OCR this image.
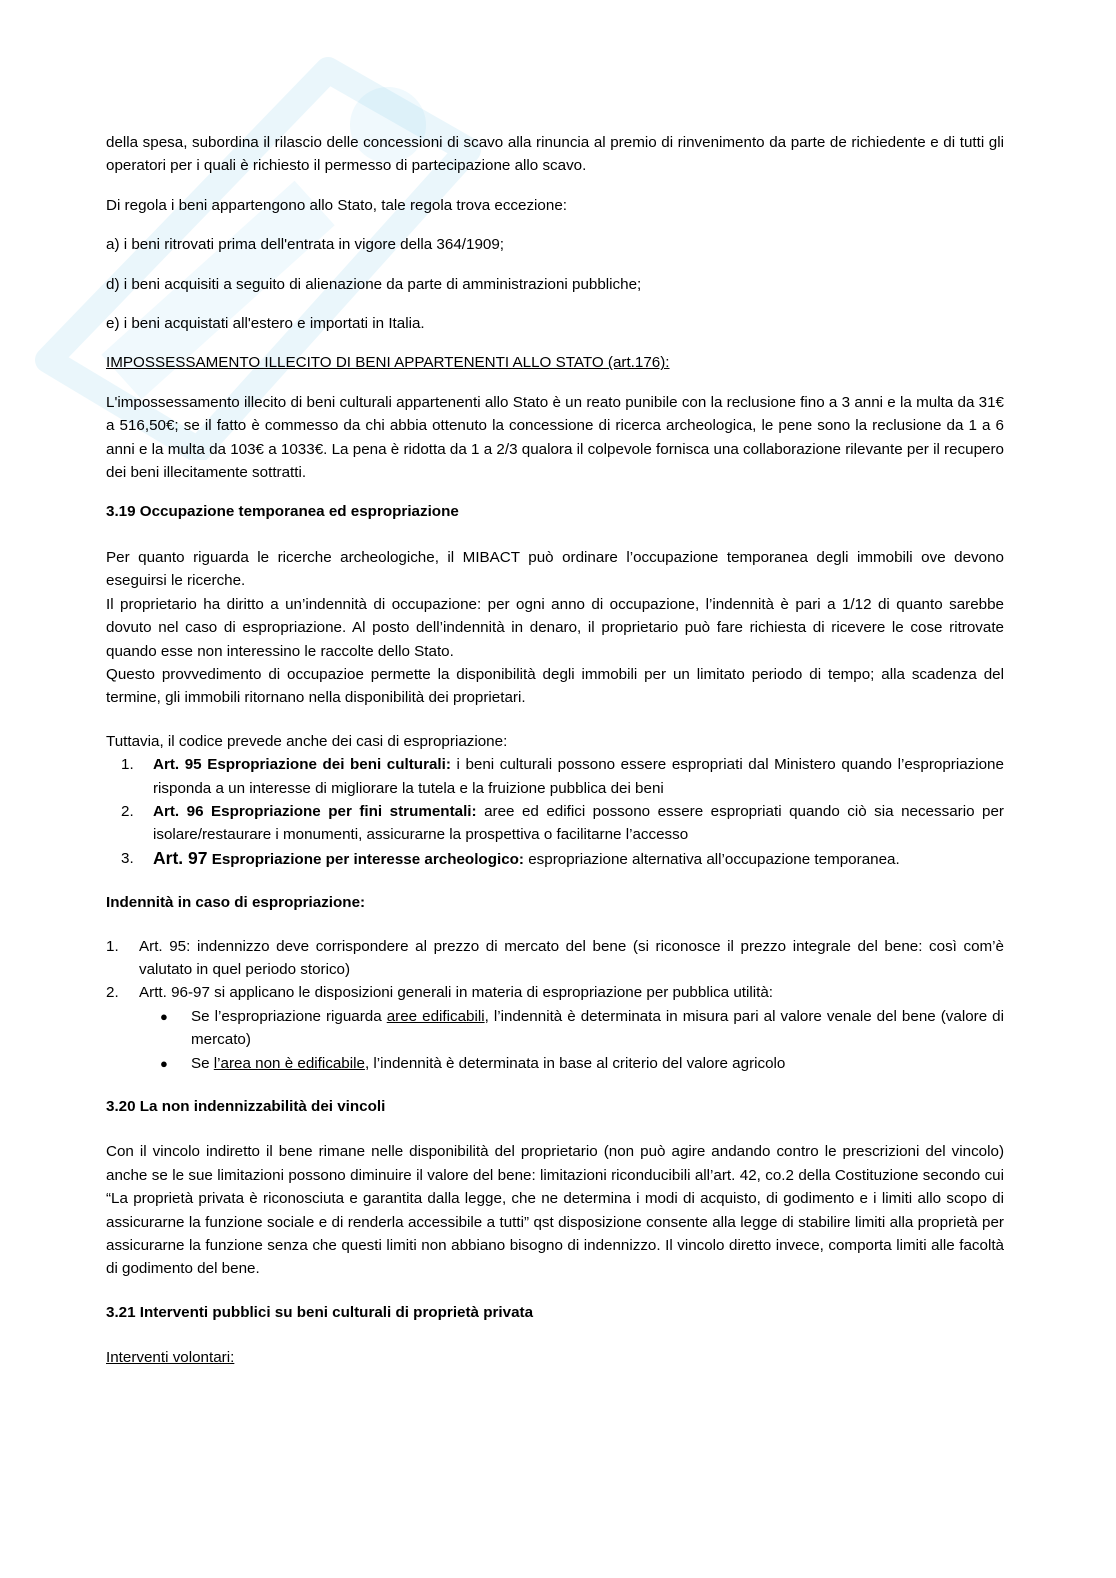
della spesa, subordina il rilascio delle concessioni di scavo alla rinuncia al premio di rinvenimento da parte de richiedente e di tutti gli operatori per i quali è richiesto il permesso di partecipazione allo scavo.

Di regola i beni appartengono allo Stato, tale regola trova eccezione:

a) i beni ritrovati prima dell'entrata in vigore della 364/1909;

d) i beni acquisiti a seguito di alienazione da parte di amministrazioni pubbliche;

e) i beni acquistati all'estero e importati in Italia.

IMPOSSESSAMENTO ILLECITO DI BENI APPARTENENTI ALLO STATO (art.176):

L'impossessamento illecito di beni culturali appartenenti allo Stato è un reato punibile con la reclusione fino a 3 anni e la multa da 31€ a 516,50€; se il fatto è commesso da chi abbia ottenuto la concessione di ricerca archeologica, le pene sono la reclusione da 1 a 6 anni e la multa da 103€ a 1033€. La pena è ridotta da 1 a 2/3 qualora il colpevole fornisca una collaborazione rilevante per il recupero dei beni illecitamente sottratti.

3.19 Occupazione temporanea ed espropriazione

Per quanto riguarda le ricerche archeologiche, il MIBACT può ordinare l’occupazione temporanea degli immobili ove devono eseguirsi le ricerche.

Il proprietario ha diritto a un’indennità di occupazione: per ogni anno di occupazione, l’indennità è pari a 1/12 di quanto sarebbe dovuto nel caso di espropriazione. Al posto dell’indennità in denaro, il proprietario può fare richiesta di ricevere le cose ritrovate quando esse non interessino le raccolte dello Stato.

Questo provvedimento di occupazioe permette la disponibilità degli immobili per un limitato periodo di tempo; alla scadenza del termine, gli immobili ritornano nella disponibilità dei proprietari.

Tuttavia, il codice prevede anche dei casi di espropriazione:

1. Art. 95 Espropriazione dei beni culturali: i beni culturali possono essere espropriati dal Ministero quando l’espropriazione risponda a un interesse di migliorare la tutela e la fruizione pubblica dei beni
2. Art. 96 Espropriazione per fini strumentali: aree ed edifici possono essere espropriati quando ciò sia necessario per isolare/restaurare i monumenti, assicurarne la prospettiva o facilitarne l’accesso
3. Art. 97 Espropriazione per interesse archeologico: espropriazione alternativa all’occupazione temporanea.

Indennità in caso di espropriazione:

1. Art. 95: indennizzo deve corrispondere al prezzo di mercato del bene (si riconosce il prezzo integrale del bene: così com’è valutato in quel periodo storico)
2. Artt. 96-97 si applicano le disposizioni generali in materia di espropriazione per pubblica utilità:
● Se l’espropriazione riguarda aree edificabili, l’indennità è determinata in misura pari al valore venale del bene (valore di mercato)
● Se l’area non è edificabile, l’indennità è determinata in base al criterio del valore agricolo

3.20 La non indennizzabilità dei vincoli

Con il vincolo indiretto il bene rimane nelle disponibilità del proprietario (non può agire andando contro le prescrizioni del vincolo) anche se le sue limitazioni possono diminuire il valore del bene: limitazioni riconducibili all’art. 42, co.2 della Costituzione secondo cui “La proprietà privata è riconosciuta e garantita dalla legge, che ne determina i modi di acquisto, di godimento e i limiti allo scopo di assicurarne la funzione sociale e di renderla accessibile a tutti” qst disposizione consente alla legge di stabilire limiti alla proprietà per assicurarne la funzione senza che questi limiti non abbiano bisogno di indennizzo. Il vincolo diretto invece, comporta limiti alle facoltà di godimento del bene.

3.21 Interventi pubblici su beni culturali di proprietà privata

Interventi volontari:
